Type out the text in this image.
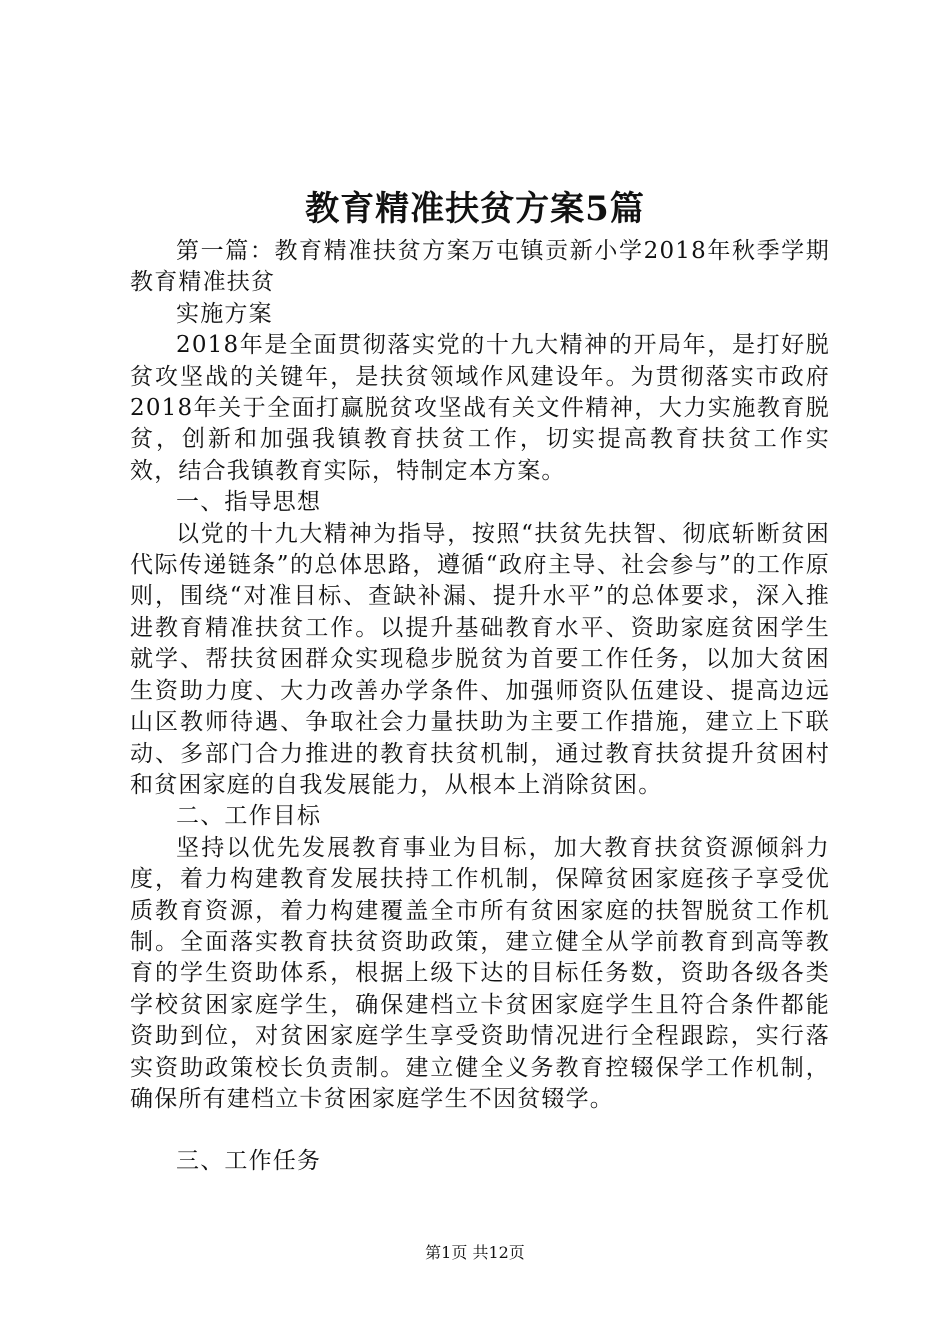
教育精准扶贫方案5篇

第一篇：教育精准扶贫方案万屯镇贡新小学2018年秋季学期教育精准扶贫

实施方案

2018年是全面贯彻落实党的十九大精神的开局年，是打好脱贫攻坚战的关键年，是扶贫领域作风建设年。为贯彻落实市政府2018年关于全面打赢脱贫攻坚战有关文件精神，大力实施教育脱贫，创新和加强我镇教育扶贫工作，切实提高教育扶贫工作实效，结合我镇教育实际，特制定本方案。

一、指导思想

以党的十九大精神为指导，按照“扶贫先扶智、彻底斩断贫困代际传递链条”的总体思路，遵循“政府主导、社会参与”的工作原则，围绕“对准目标、查缺补漏、提升水平”的总体要求，深入推进教育精准扶贫工作。以提升基础教育水平、资助家庭贫困学生就学、帮扶贫困群众实现稳步脱贫为首要工作任务，以加大贫困生资助力度、大力改善办学条件、加强师资队伍建设、提高边远山区教师待遇、争取社会力量扶助为主要工作措施，建立上下联动、多部门合力推进的教育扶贫机制，通过教育扶贫提升贫困村和贫困家庭的自我发展能力，从根本上消除贫困。

二、工作目标

坚持以优先发展教育事业为目标，加大教育扶贫资源倾斜力度，着力构建教育发展扶持工作机制，保障贫困家庭孩子享受优质教育资源，着力构建覆盖全市所有贫困家庭的扶智脱贫工作机制。全面落实教育扶贫资助政策，建立健全从学前教育到高等教育的学生资助体系，根据上级下达的目标任务数，资助各级各类学校贫困家庭学生，确保建档立卡贫困家庭学生且符合条件都能资助到位，对贫困家庭学生享受资助情况进行全程跟踪，实行落实资助政策校长负责制。建立健全义务教育控辍保学工作机制，确保所有建档立卡贫困家庭学生不因贫辍学。

三、工作任务

第1页 共12页
